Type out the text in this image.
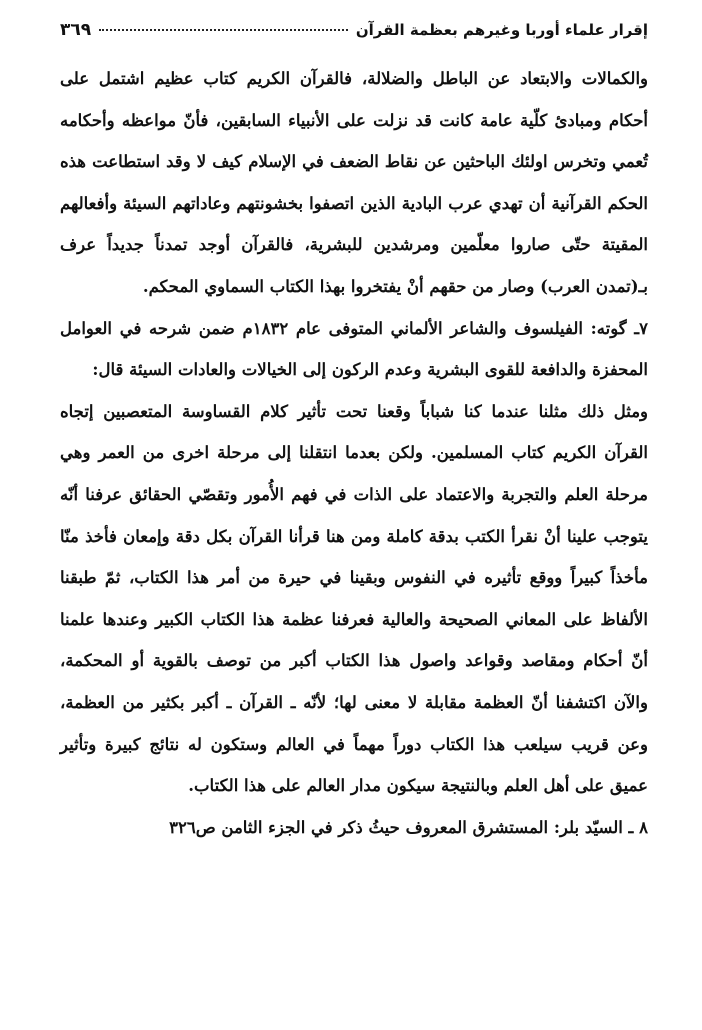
إقرار علماء أوربا وغيرهم بعظمة القرآن
٣٦٩

والكمالات والابتعاد عن الباطل والضلالة، فالقرآن الكريم كتاب عظيم اشتمل على أحكام ومبادئ كلّية عامة كانت قد نزلت على الأنبياء السابقين، فأنّ مواعظه وأحكامه تُعمي وتخرس اولئك الباحثين عن نقاط الضعف في الإسلام كيف لا وقد استطاعت هذه الحكم القرآنية أن تهدي عرب البادية الذين اتصفوا بخشونتهم وعاداتهم السيئة وأفعالهم المقيتة حتّى صاروا معلّمين ومرشدين للبشرية، فالقرآن أوجد تمدناً جديداً عرف بـ(تمدن العرب) وصار من حقهم أنْ يفتخروا بهذا الكتاب السماوي المحكم.

٧ـ گوته: الفيلسوف والشاعر الألماني المتوفى عام ١٨٣٢م ضمن شرحه في العوامل المحفزة والدافعة للقوى البشرية وعدم الركون إلى الخيالات والعادات السيئة قال:

ومثل ذلك مثلنا عندما كنا شباباً وقعنا تحت تأثير كلام القساوسة المتعصبين إتجاه القرآن الكريم كتاب المسلمين. ولكن بعدما انتقلنا إلى مرحلة اخرى من العمر وهي مرحلة العلم والتجربة والاعتماد على الذات في فهم الأُمور وتقصّي الحقائق عرفنا أنّه يتوجب علينا أنْ نقرأ الكتب بدقة كاملة ومن هنا قرأنا القرآن بكل دقة وإمعان فأخذ منّا مأخذاً كبيراً ووقع تأثيره في النفوس وبقينا في حيرة من أمر هذا الكتاب، ثمّ طبقنا الألفاظ على المعاني الصحيحة والعالية فعرفنا عظمة هذا الكتاب الكبير وعندها علمنا أنّ أحكام ومقاصد وقواعد واصول هذا الكتاب أكبر من توصف بالقوية أو المحكمة، والآن اكتشفنا أنّ العظمة مقابلة لا معنى لها؛ لأنّه ـ القرآن ـ أكبر بكثير من العظمة، وعن قريب سيلعب هذا الكتاب دوراً مهماً في العالم وستكون له نتائج كبيرة وتأثير عميق على أهل العلم وبالنتيجة سيكون مدار العالم على هذا الكتاب.

٨ ـ السيّد بلر: المستشرق المعروف حيثُ ذكر في الجزء الثامن ص٣٢٦
